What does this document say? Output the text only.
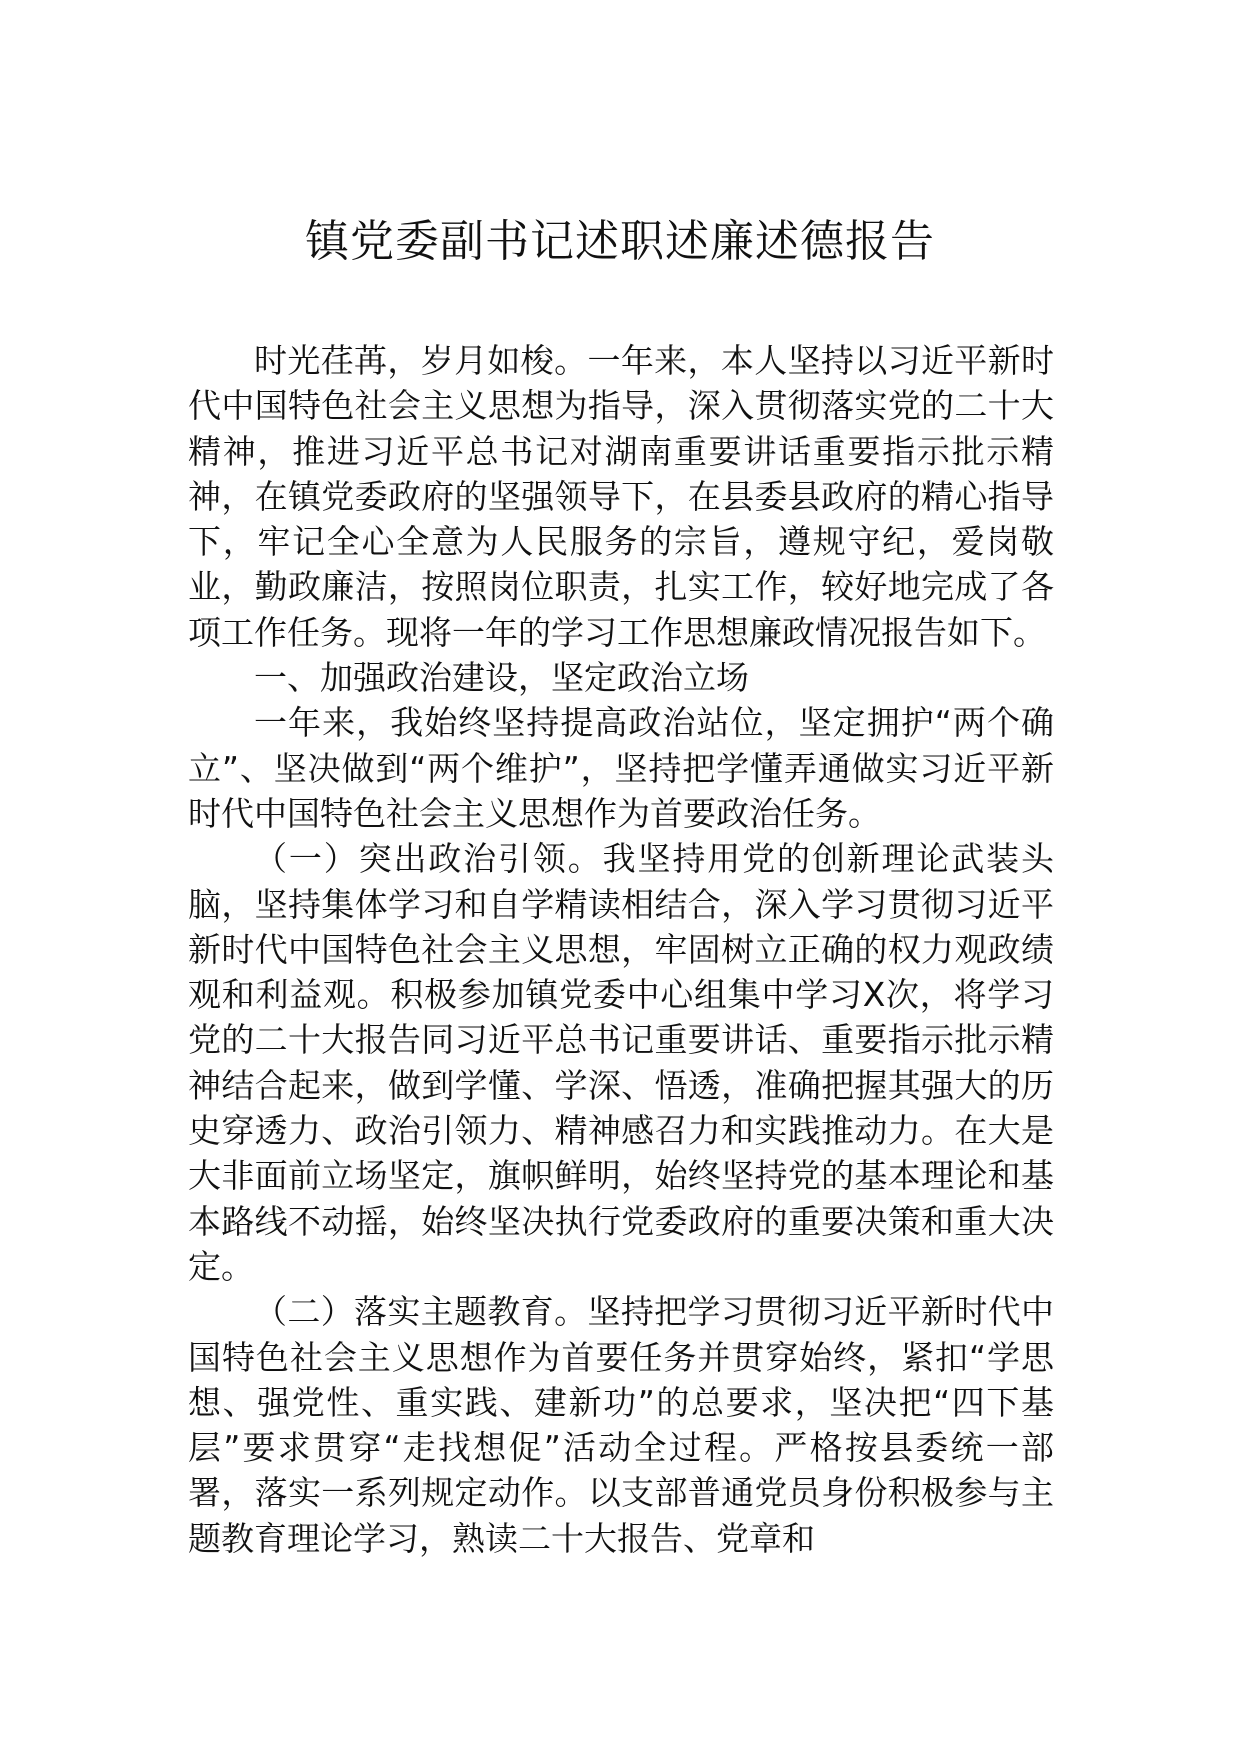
镇党委副书记述职述廉述德报告

时光荏苒，岁月如梭。一年来，本人坚持以习近平新时代中国特色社会主义思想为指导，深入贯彻落实党的二十大精神，推进习近平总书记对湖南重要讲话重要指示批示精神，在镇党委政府的坚强领导下，在县委县政府的精心指导下，牢记全心全意为人民服务的宗旨，遵规守纪，爱岗敬业，勤政廉洁，按照岗位职责，扎实工作，较好地完成了各项工作任务。现将一年的学习工作思想廉政情况报告如下。

一、加强政治建设，坚定政治立场

一年来，我始终坚持提高政治站位，坚定拥护“两个确立”、坚决做到“两个维护”，坚持把学懂弄通做实习近平新时代中国特色社会主义思想作为首要政治任务。

（一）突出政治引领。我坚持用党的创新理论武装头脑，坚持集体学习和自学精读相结合，深入学习贯彻习近平新时代中国特色社会主义思想，牢固树立正确的权力观政绩观和利益观。积极参加镇党委中心组集中学习X次，将学习党的二十大报告同习近平总书记重要讲话、重要指示批示精神结合起来，做到学懂、学深、悟透，准确把握其强大的历史穿透力、政治引领力、精神感召力和实践推动力。在大是大非面前立场坚定，旗帜鲜明，始终坚持党的基本理论和基本路线不动摇，始终坚决执行党委政府的重要决策和重大决定。

（二）落实主题教育。坚持把学习贯彻习近平新时代中国特色社会主义思想作为首要任务并贯穿始终，紧扣“学思想、强党性、重实践、建新功”的总要求，坚决把“四下基层”要求贯穿“走找想促”活动全过程。严格按县委统一部署，落实一系列规定动作。以支部普通党员身份积极参与主题教育理论学习，熟读二十大报告、党章和
